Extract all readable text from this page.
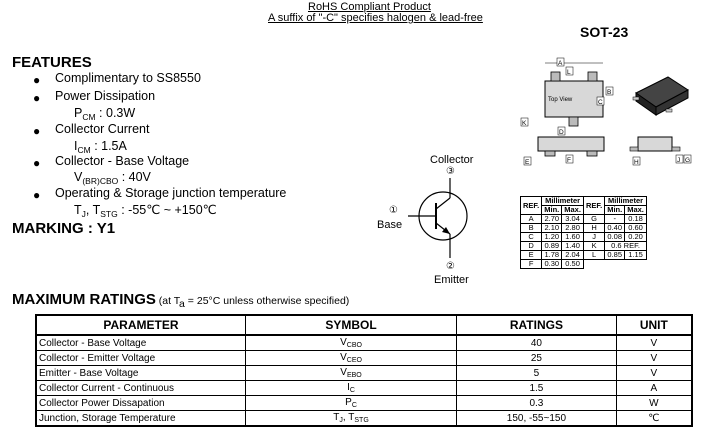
RoHS Compliant Product
A suffix of "-C" specifies halogen & lead-free
SOT-23
FEATURES
● Complimentary to SS8550
● Power Dissipation
$P_{CM}$ : 0.3W
● Collector Current
$I_{CM}$ : 1.5A
● Collector - Base Voltage
$V_{(BR)CBO}$ : 40V
● Operating & Storage junction temperature
$T_J$, $T_{STG}$ : -55℃ ~ +150℃
MARKING : Y1
Collector
③
①
Base
②
Emitter
Top View
A
L
B
C
K
D
E	F	H	J G
REF.	Millimeter		REF.	Millimeter	
	Min.	Max.		Min.	Max.
A	2.70	3.04	G	-	0.18
B	2.10	2.80	H	0.40	0.60
C	1.20	1.60	J	0.08	0.20
D	0.89	1.40	K	0.6 REF.	
E	1.78	2.04	L	0.85	1.15
F	0.30	0.50			
MAXIMUM RATINGS (at Ta = 25°C unless otherwise specified)
PARAMETER	SYMBOL	RATINGS	UNIT
Collector - Base Voltage	$V_{CBO}$	40	V
Collector - Emitter Voltage	$V_{CEO}$	25	V
Emitter - Base Voltage	$V_{EBO}$	5	V
Collector Current - Continuous	$I_C$	1.5	A
Collector Power Dissapation	$P_C$	0.3	W
Junction, Storage Temperature	$T_J$, $T_{STG}$	150, -55~150	℃
